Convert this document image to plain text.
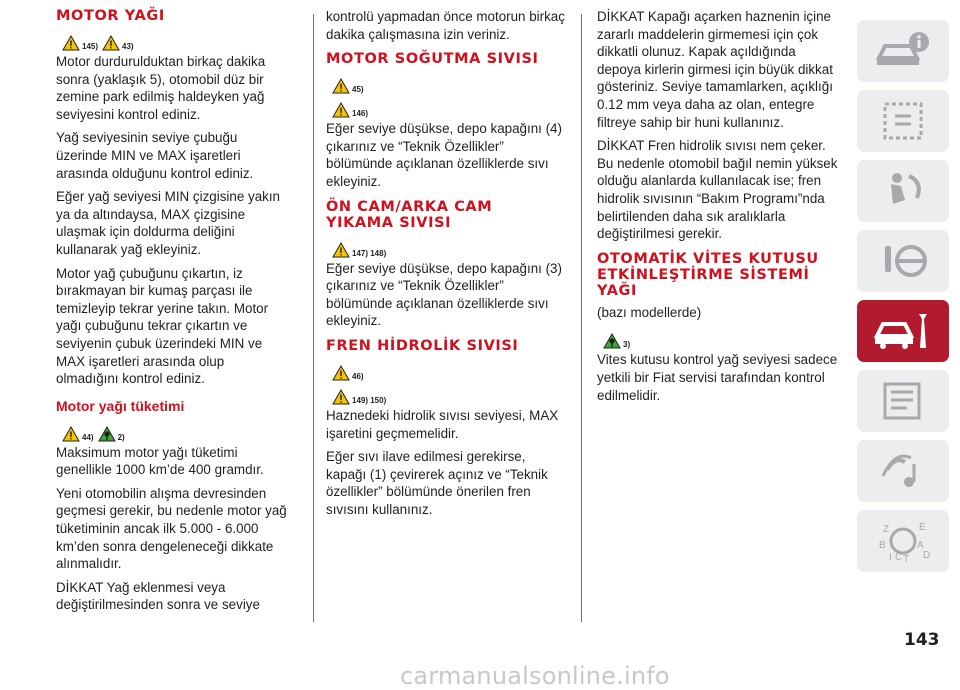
MOTOR YAĞI
145)	43)

Motor durdurulduktan birkaç dakika sonra (yaklaşık 5), otomobil düz bir zemine park edilmiş haldeyken yağ seviyesini kontrol ediniz.

Yağ seviyesinin seviye çubuğu üzerinde MIN ve MAX işaretleri arasında olduğunu kontrol ediniz.

Eğer yağ seviyesi MIN çizgisine yakın ya da altındaysa, MAX çizgisine ulaşmak için doldurma deliğini kullanarak yağ ekleyiniz.

Motor yağ çubuğunu çıkartın, iz bırakmayan bir kumaş parçası ile temizleyip tekrar yerine takın. Motor yağı çubuğunu tekrar çıkartın ve seviyenin çubuk üzerindeki MIN ve MAX işaretleri arasında olup olmadığını kontrol ediniz.

Motor yağı tüketimi
44)	2)

Maksimum motor yağı tüketimi genellikle 1000 km’de 400 gramdır.

Yeni otomobilin alışma devresinden geçmesi gerekir, bu nedenle motor yağ tüketiminin ancak ilk 5.000 - 6.000 km’den sonra dengeleneceği dikkate alınmalıdır.

DİKKAT Yağ eklenmesi veya değiştirilmesinden sonra ve seviye

kontrolü yapmadan önce motorun birkaç dakika çalışmasına izin veriniz.

MOTOR SOĞUTMA SIVISI
45)
146)

Eğer seviye düşükse, depo kapağını (4) çıkarınız ve “Teknik Özellikler” bölümünde açıklanan özelliklerde sıvı ekleyiniz.

ÖN CAM/ARKA CAM
YIKAMA SIVISI
147) 148)

Eğer seviye düşükse, depo kapağını (3) çıkarınız ve “Teknik Özellikler” bölümünde açıklanan özelliklerde sıvı ekleyiniz.

FREN HİDROLİK SIVISI
46)
149) 150)

Haznedeki hidrolik sıvısı seviyesi, MAX işaretini geçmemelidir.

Eğer sıvı ilave edilmesi gerekirse, kapağı (1) çevirerek açınız ve “Teknik özellikler” bölümünde önerilen fren sıvısını kullanınız.

DİKKAT Kapağı açarken haznenin içine zararlı maddelerin girmemesi için çok dikkatli olunuz. Kapak açıldığında depoya kirlerin girmesi için büyük dikkat gösteriniz. Seviye tamamlarken, açıklığı 0.12 mm veya daha az olan, entegre filtreye sahip bir huni kullanınız.

DİKKAT Fren hidrolik sıvısı nem çeker. Bu nedenle otomobil bağıl nemin yüksek olduğu alanlarda kullanılacak ise; fren hidrolik sıvısının “Bakım Programı”nda belirtilenden daha sık aralıklarla değiştirilmesi gerekir.

OTOMATİK VİTES KUTUSU
ETKİNLEŞTİRME SİSTEMİ
YAĞI

(bazı modellerde)

3)

Vites kutusu kontrol yağ seviyesi sadece yetkili bir Fiat servisi tarafından kontrol edilmelidir.

Z	E
B	A
I C T D
143
carmanualsonline.info
